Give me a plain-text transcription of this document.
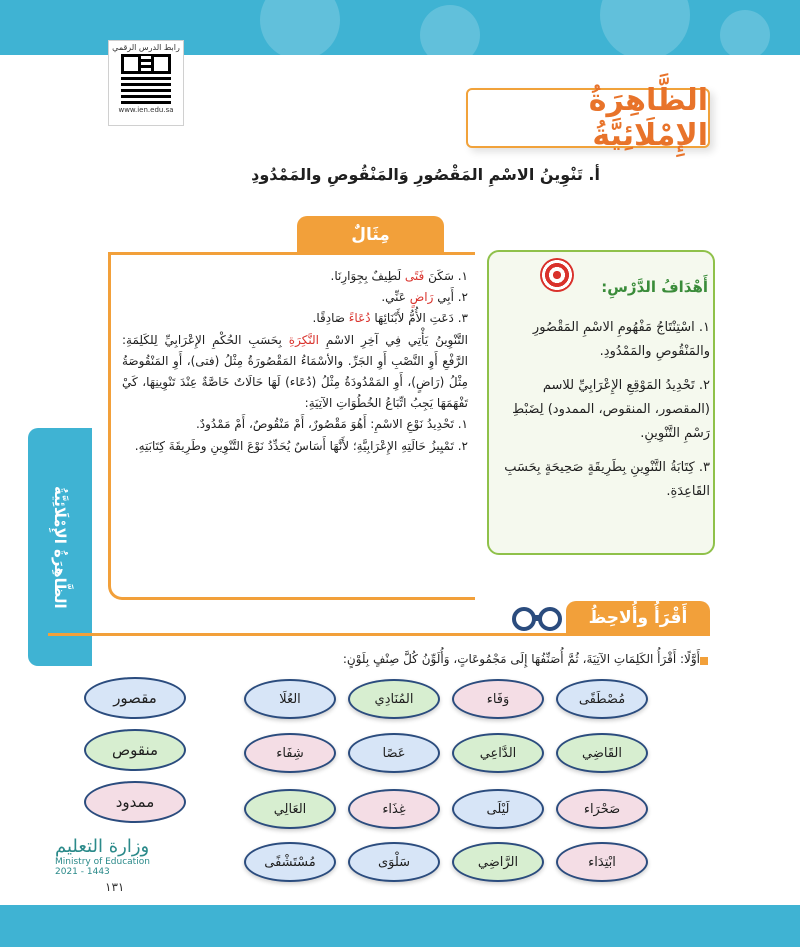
رابط الدرس الرقمي
www.ien.edu.sa	الظَّاهِرَةُ الإِمْلَائِيَّةُ
أ. تَنْوِينُ الاسْمِ المَقْصُورِ وَالمَنْقُوصِ والمَمْدُودِ
مِثَالٌ

١. سَكَنَ فَتًى لَطِيفٌ بِجِوَارِنَا.

٢. أَبِي رَاضٍ عَنِّي.

٣. دَعَتِ الأُمُّ لأَبْنَائِهَا دُعَاءً صَادِقًا.

التَّنْوِينُ يَأْتِي فِي آخِرِ الاسْمِ النَّكِرَةِ بِحَسَبِ الحُكْمِ الإِعْرَابِيِّ لِلكَلِمَةِ: الرَّفْعِ أَوِ النَّصْبِ أَوِ الجَرِّ. والأسْمَاءُ المَقْصُورَةُ مِثْلُ (فتى)، أَوِ المَنْقُوصَةُ مِثْلُ (رَاضٍ)، أَوِ المَمْدُودَةُ مِثْلُ (دُعَاء) لَهَا حَالَاتٌ خَاصَّةٌ عِنْدَ تَنْوِينِهَا، كَيْ تَفْهَمَهَا يَجِبُ اتِّبَاعُ الخُطُوَاتِ الآتِيَةِ:

١. تَحْدِيدُ نَوْعِ الاسْمِ: أَهُوَ مَقْصُورٌ، أَمْ مَنْقُوصٌ، أَمْ مَمْدُودٌ.

٢. تَمْيِيزُ حَالَتِهِ الإِعْرَابِيَّةِ؛ لأَنَّهَا أَسَاسٌ يُحَدِّدُ نَوْعَ التَّنْوِينِ وطَرِيقَةَ كِتَابَتِهِ.

أَهْدَافُ الدَّرْسِ:
١. اسْتِنْتَاجُ مَفْهُومِ الاسْمِ المَقْصُورِ والمَنْقُوصِ والمَمْدُودِ.
٢. تَحْدِيدُ المَوْقِعِ الإِعْرَابِيِّ للاسم (المقصور، المنقوص، الممدود) لِضَبْطِ رَسْمِ التَّنْوِينِ.
٣. كِتَابَةُ التَّنْوِينِ بِطَرِيقَةٍ صَحِيحَةٍ بِحَسَبِ القَاعِدَةِ.
الظَّاهِرَةُ الإِمْلَائِيَّةُ
أَقْرَأُ وأُلاحِظُ
أَوَّلًا: أَقْرَأُ الكَلِمَاتِ الآتِيَةَ، ثُمَّ أُصَنِّفُهَا إِلَى مَجْمُوعَاتٍ، وَأُلَوِّنُ كُلَّ صِنْفٍ بِلَوْنٍ:
مُصْطَفًى
وَفَاء
المُنَادِي
العُلَا
القَاضِي
الدَّاعِي
عَصًا
شِفَاء
صَحْرَاء
لَيْلَى
غِذَاء
العَالِي
ابْتِدَاء
الرَّاضِي
سَلْوَى
مُسْتَشْفًى
مقصور
منقوص
ممدود
وزارة التعليم
Ministry of Education
2021 - 1443
١٣١
